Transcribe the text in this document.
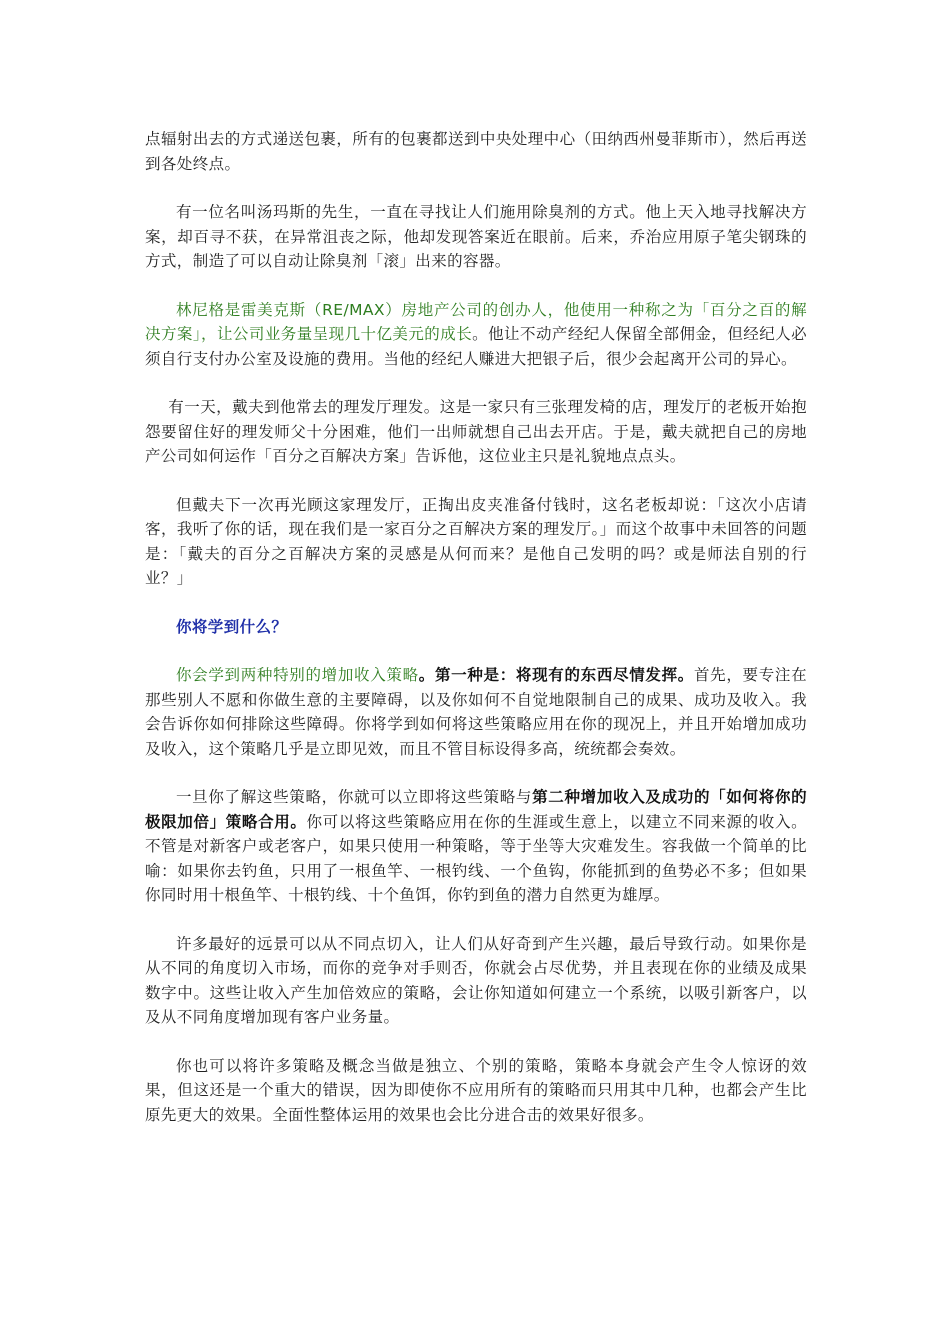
点辐射出去的方式递送包裹，所有的包裹都送到中央处理中心（田纳西州曼菲斯市），然后再送到各处终点。

有一位名叫汤玛斯的先生，一直在寻找让人们施用除臭剂的方式。他上天入地寻找解决方案，却百寻不获，在异常沮丧之际，他却发现答案近在眼前。后来，乔治应用原子笔尖钢珠的方式，制造了可以自动让除臭剂「滚」出来的容器。

林尼格是雷美克斯（RE/MAX）房地产公司的创办人，他使用一种称之为「百分之百的解决方案」，让公司业务量呈现几十亿美元的成长。他让不动产经纪人保留全部佣金，但经纪人必须自行支付办公室及设施的费用。当他的经纪人赚进大把银子后，很少会起离开公司的异心。

有一天，戴夫到他常去的理发厅理发。这是一家只有三张理发椅的店，理发厅的老板开始抱怨要留住好的理发师父十分困难，他们一出师就想自己出去开店。于是，戴夫就把自己的房地产公司如何运作「百分之百解决方案」告诉他，这位业主只是礼貌地点点头。

但戴夫下一次再光顾这家理发厅，正掏出皮夹准备付钱时，这名老板却说：「这次小店请客，我听了你的话，现在我们是一家百分之百解决方案的理发厅。」而这个故事中未回答的问题是：「戴夫的百分之百解决方案的灵感是从何而来？是他自己发明的吗？或是师法自别的行业？」

你将学到什么？

你会学到两种特别的增加收入策略。第一种是：将现有的东西尽情发挥。首先，要专注在那些别人不愿和你做生意的主要障碍，以及你如何不自觉地限制自己的成果、成功及收入。我会告诉你如何排除这些障碍。你将学到如何将这些策略应用在你的现况上，并且开始增加成功及收入，这个策略几乎是立即见效，而且不管目标设得多高，统统都会奏效。

一旦你了解这些策略，你就可以立即将这些策略与第二种增加收入及成功的「如何将你的极限加倍」策略合用。你可以将这些策略应用在你的生涯或生意上，以建立不同来源的收入。不管是对新客户或老客户，如果只使用一种策略，等于坐等大灾难发生。容我做一个简单的比喻：如果你去钓鱼，只用了一根鱼竿、一根钓线、一个鱼钩，你能抓到的鱼势必不多；但如果你同时用十根鱼竿、十根钓线、十个鱼饵，你钓到鱼的潜力自然更为雄厚。

许多最好的远景可以从不同点切入，让人们从好奇到产生兴趣，最后导致行动。如果你是从不同的角度切入市场，而你的竞争对手则否，你就会占尽优势，并且表现在你的业绩及成果数字中。这些让收入产生加倍效应的策略，会让你知道如何建立一个系统，以吸引新客户，以及从不同角度增加现有客户业务量。

你也可以将许多策略及概念当做是独立、个别的策略，策略本身就会产生令人惊讶的效果，但这还是一个重大的错误，因为即使你不应用所有的策略而只用其中几种，也都会产生比原先更大的效果。全面性整体运用的效果也会比分进合击的效果好很多。
